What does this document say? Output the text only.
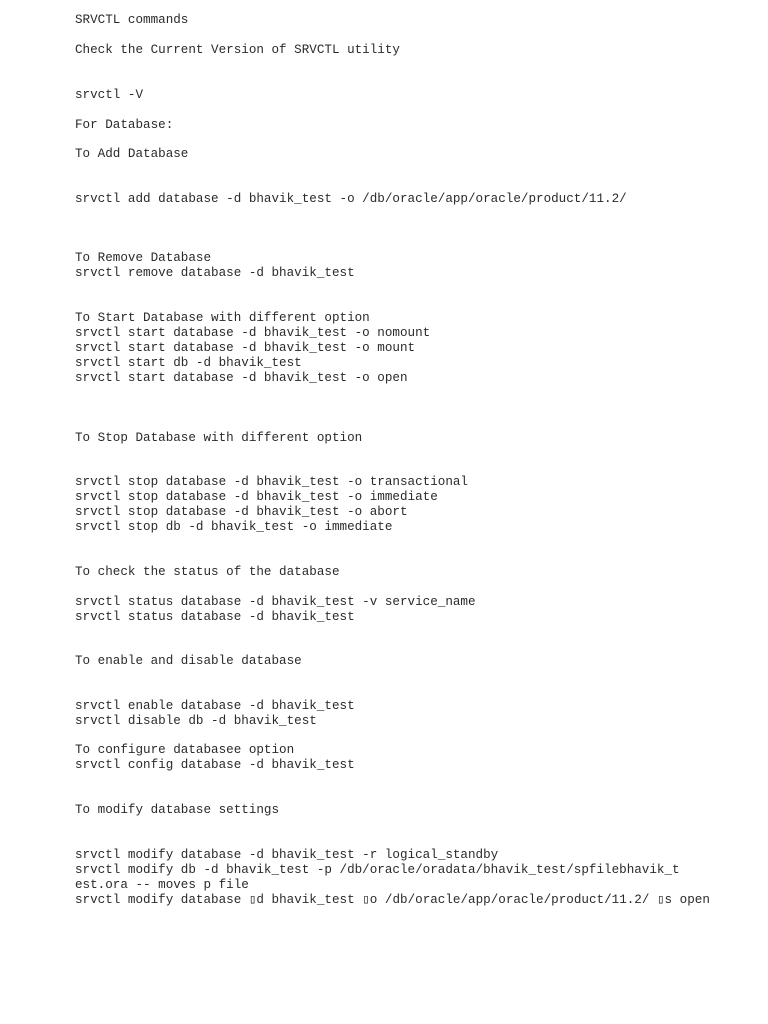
SRVCTL commands
Check the Current Version of SRVCTL utility
srvctl -V
For Database:
To Add Database
srvctl add database -d bhavik_test -o /db/oracle/app/oracle/product/11.2/
To Remove Database
srvctl remove database -d bhavik_test
To Start Database with different option
srvctl start database -d bhavik_test -o nomount
srvctl start database -d bhavik_test -o mount
srvctl start db -d bhavik_test
srvctl start database -d bhavik_test -o open
To Stop Database with different option
srvctl stop database -d bhavik_test -o transactional
srvctl stop database -d bhavik_test -o immediate
srvctl stop database -d bhavik_test -o abort
srvctl stop db -d bhavik_test -o immediate
To check the status of the database
srvctl status database -d bhavik_test -v service_name
srvctl status database -d bhavik_test
To enable and disable database
srvctl enable database -d bhavik_test
srvctl disable db -d bhavik_test
To configure databasee option
srvctl config database -d bhavik_test
To modify database settings
srvctl modify database -d bhavik_test -r logical_standby
srvctl modify db -d bhavik_test -p /db/oracle/oradata/bhavik_test/spfilebhavik_t
est.ora -- moves p file
srvctl modify database ▯d bhavik_test ▯o /db/oracle/app/oracle/product/11.2/ ▯s open
